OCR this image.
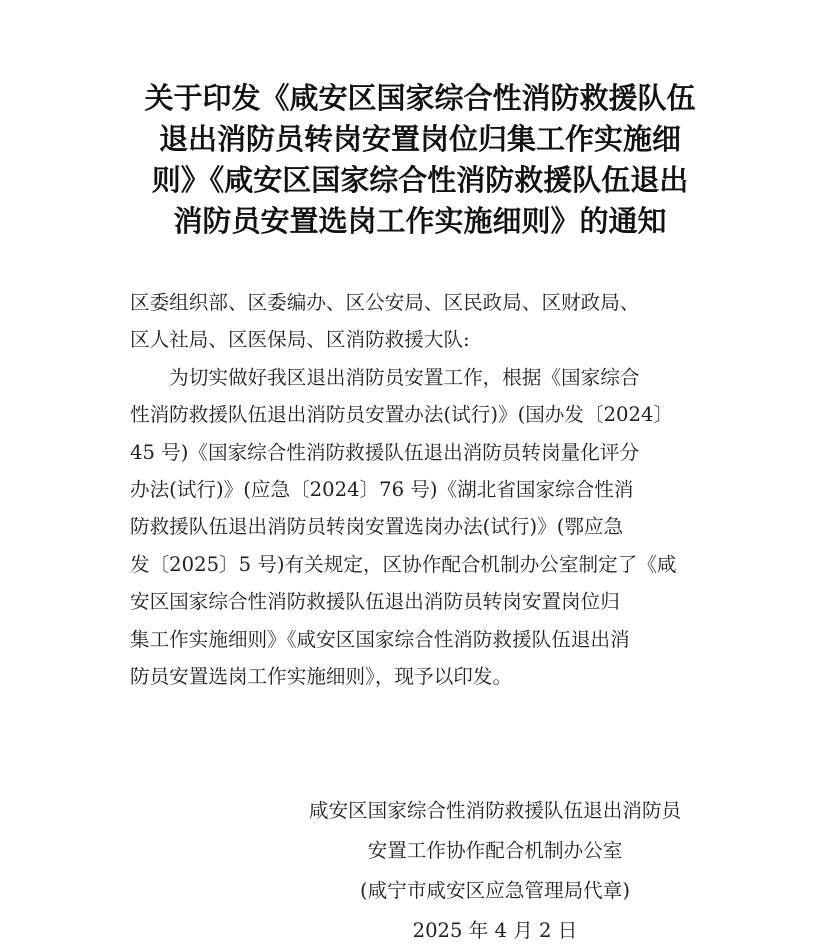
关于印发《咸安区国家综合性消防救援队伍
退出消防员转岗安置岗位归集工作实施细
则》《咸安区国家综合性消防救援队伍退出
消防员安置选岗工作实施细则》的通知
区委组织部、区委编办、区公安局、区民政局、区财政局、
区人社局、区医保局、区消防救援大队:
　　为切实做好我区退出消防员安置工作，根据《国家综合
性消防救援队伍退出消防员安置办法(试行)》(国办发〔2024〕
45 号)《国家综合性消防救援队伍退出消防员转岗量化评分
办法(试行)》(应急〔2024〕76 号)《湖北省国家综合性消
防救援队伍退出消防员转岗安置选岗办法(试行)》(鄂应急
发〔2025〕5 号)有关规定，区协作配合机制办公室制定了《咸
安区国家综合性消防救援队伍退出消防员转岗安置岗位归
集工作实施细则》《咸安区国家综合性消防救援队伍退出消
防员安置选岗工作实施细则》，现予以印发。
咸安区国家综合性消防救援队伍退出消防员
安置工作协作配合机制办公室
(咸宁市咸安区应急管理局代章)
2025 年 4 月 2 日
